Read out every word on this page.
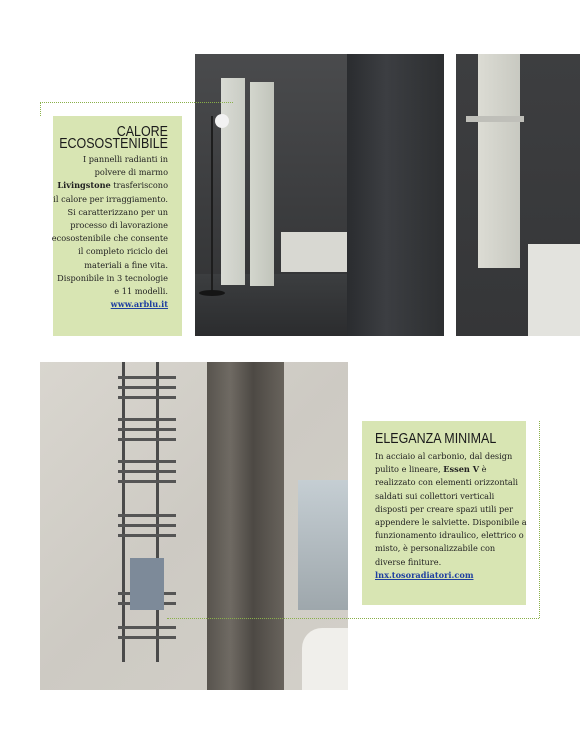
CALORE
ECOSOSTENIBILE
I pannelli radianti in polvere di marmo Livingstone trasferiscono il calore per irraggiamento. Si caratterizzano per un processo di lavorazione ecosostenibile che consente il completo riciclo dei materiali a fine vita. Disponibile in 3 tecnologie e 11 modelli.
www.arblu.it
ELEGANZA MINIMAL
In acciaio al carbonio, dal design pulito e lineare, Essen V è realizzato con elementi orizzontali saldati sui collettori verticali disposti per creare spazi utili per appendere le salviette. Disponibile a funzionamento idraulico, elettrico o misto, è personalizzabile con diverse finiture.
lnx.tosoradiatori.com
